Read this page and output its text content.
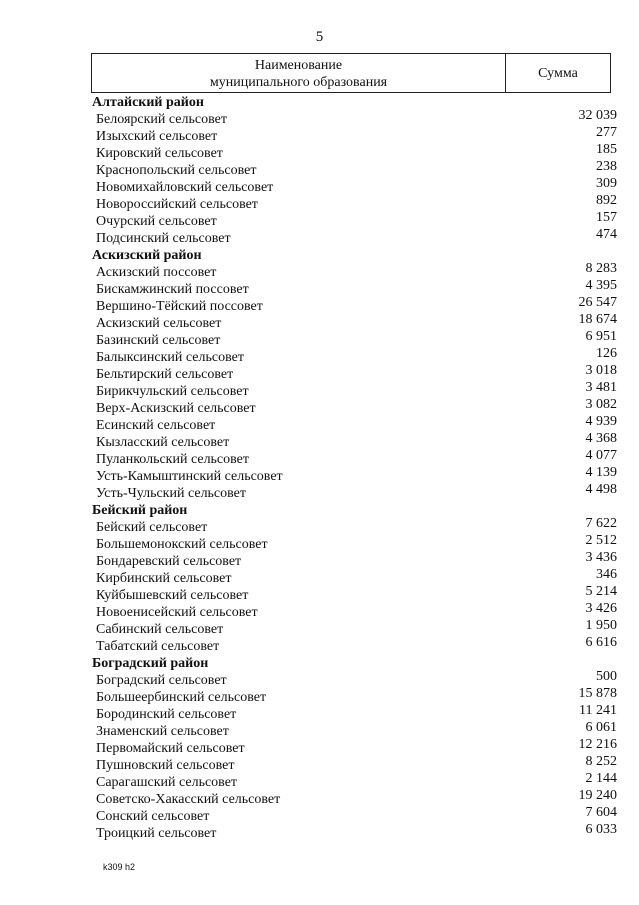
5
Наименование
муниципального образования
Сумма
Алтайский район
Белоярский сельсовет	32 039
Изыхский сельсовет	277
Кировский сельсовет	185
Краснопольский сельсовет	238
Новомихайловский сельсовет	309
Новороссийский сельсовет	892
Очурский сельсовет	157
Подсинский сельсовет	474
Аскизский район
Аскизский поссовет	8 283
Бискамжинский поссовет	4 395
Вершино-Тёйский поссовет	26 547
Аскизский сельсовет	18 674
Базинский сельсовет	6 951
Балыксинский сельсовет	126
Бельтирский сельсовет	3 018
Бирикчульский сельсовет	3 481
Верх-Аскизский сельсовет	3 082
Есинский сельсовет	4 939
Кызласский сельсовет	4 368
Пуланкольский сельсовет	4 077
Усть-Камыштинский сельсовет	4 139
Усть-Чульский сельсовет	4 498
Бейский район
Бейский сельсовет	7 622
Большемонокский сельсовет	2 512
Бондаревский сельсовет	3 436
Кирбинский сельсовет	346
Куйбышевский сельсовет	5 214
Новоенисейский сельсовет	3 426
Сабинский сельсовет	1 950
Табатский сельсовет	6 616
Боградский район
Боградский сельсовет	500
Большеербинский сельсовет	15 878
Бородинский сельсовет	11 241
Знаменский сельсовет	6 061
Первомайский сельсовет	12 216
Пушновский сельсовет	8 252
Сарагашский сельсовет	2 144
Советско-Хакасский сельсовет	19 240
Сонский сельсовет	7 604
Троицкий сельсовет	6 033
k309 h2
